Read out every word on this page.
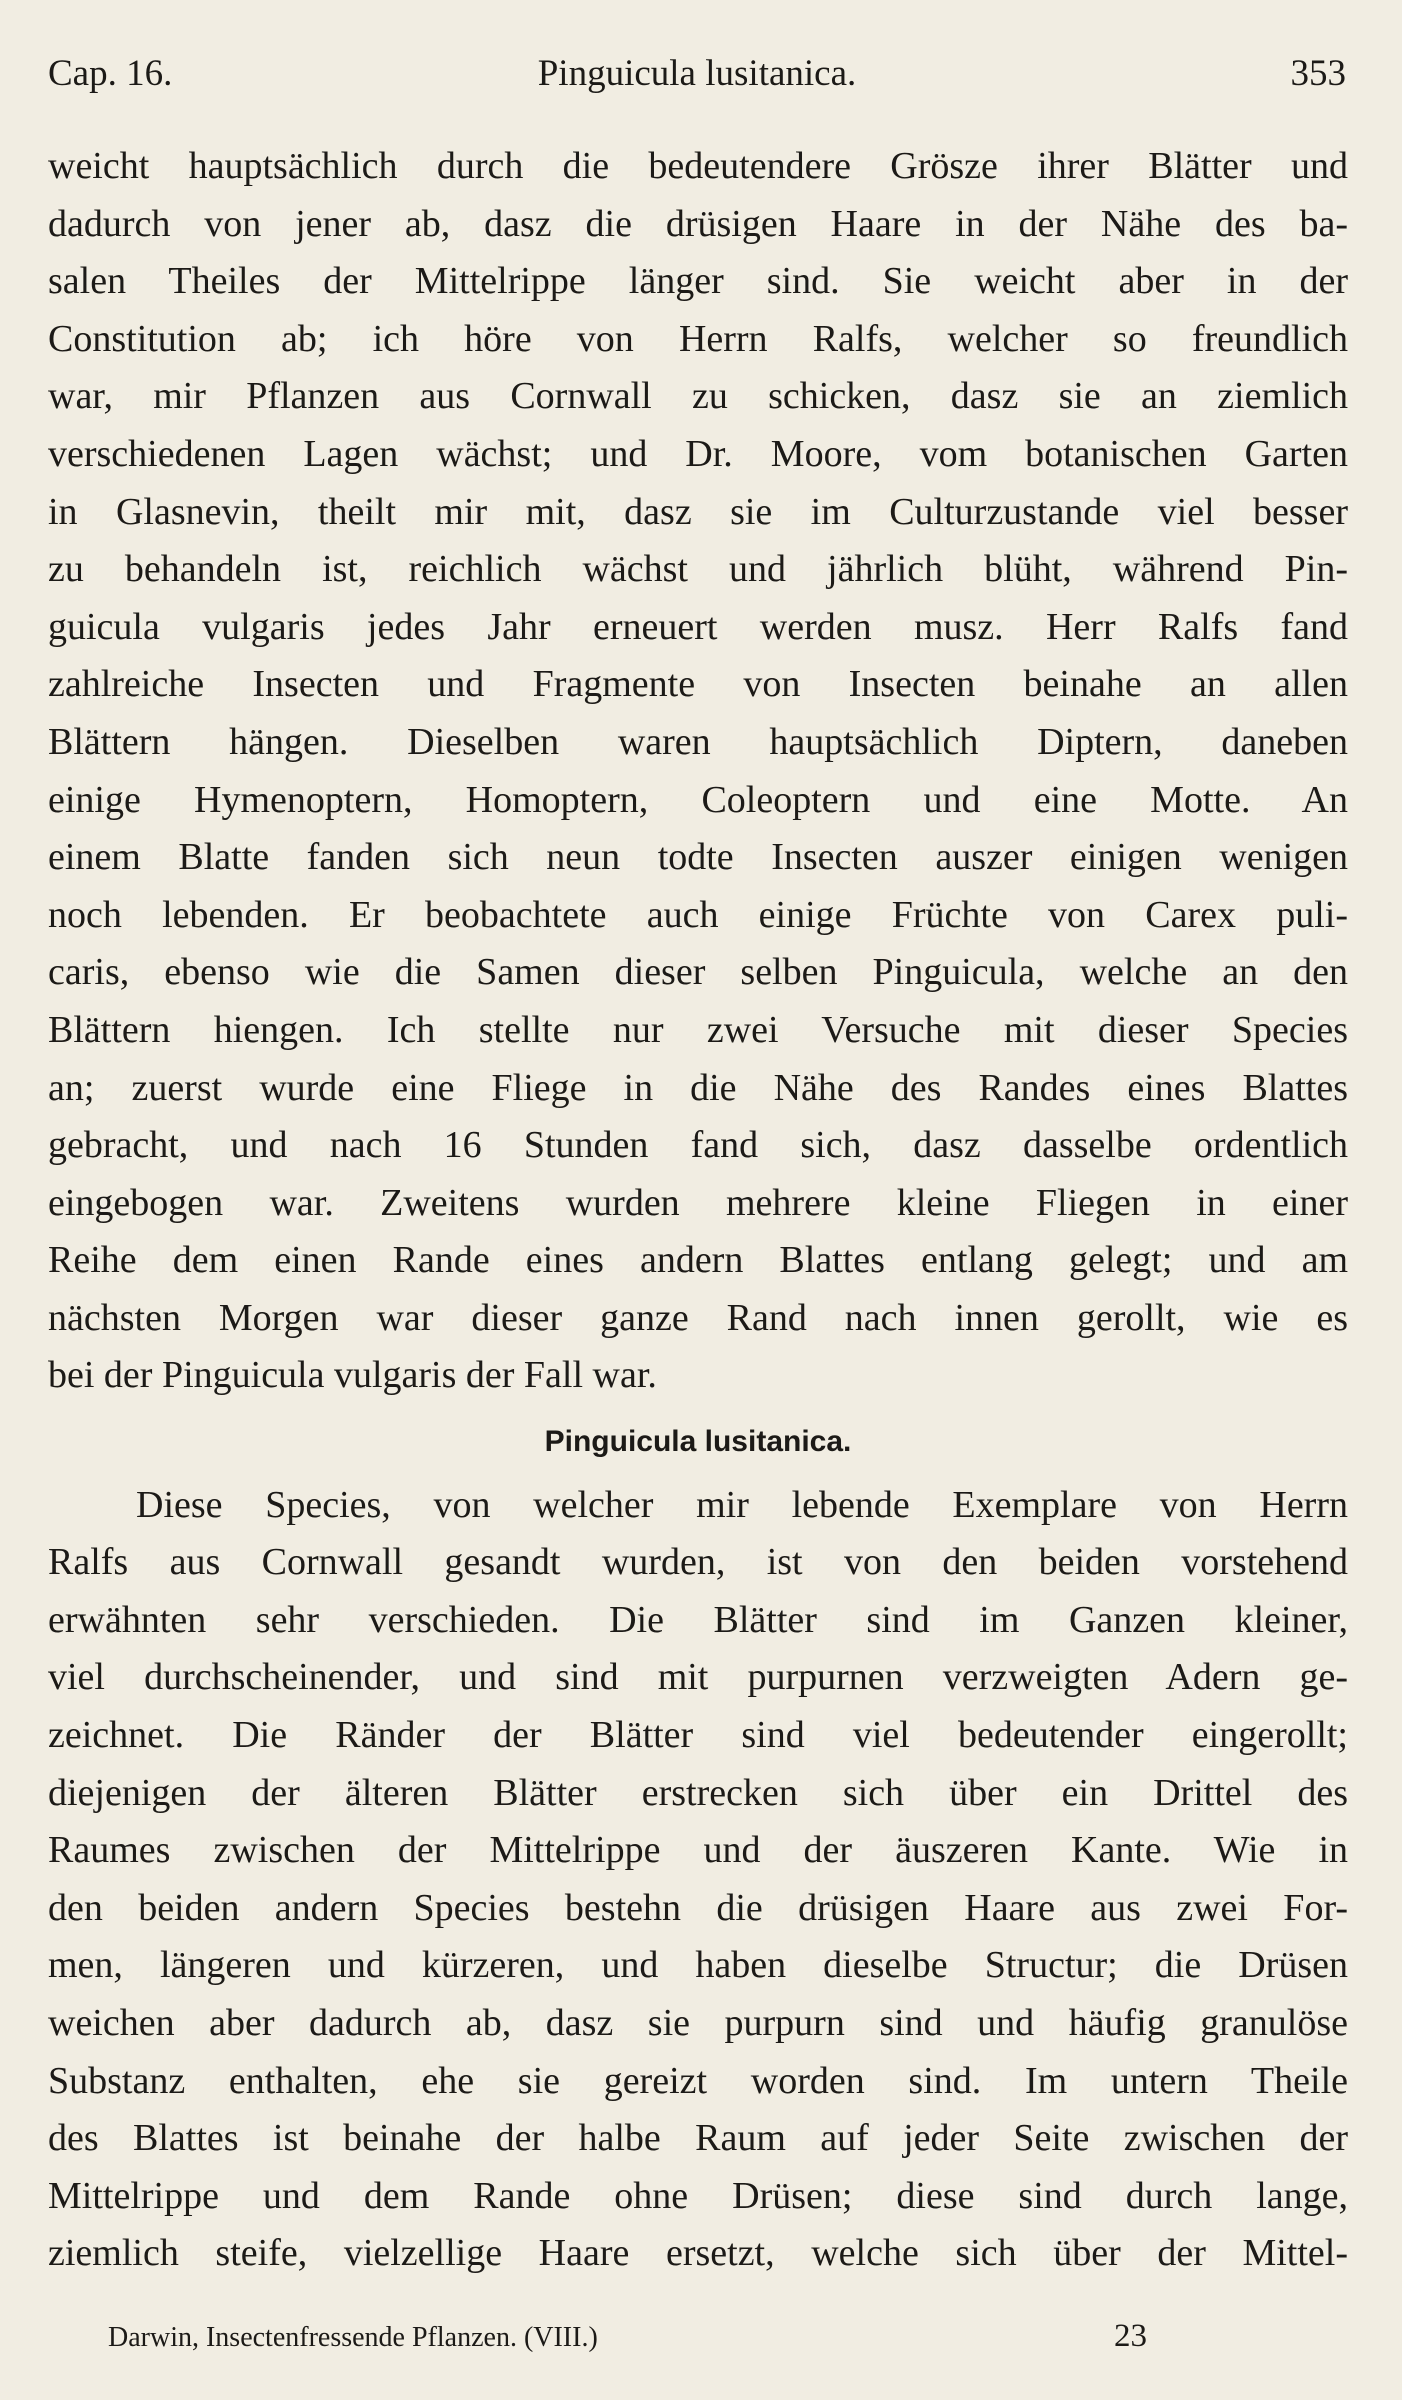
Cap. 16.	Pinguicula lusitanica.	353
weicht hauptsächlich durch die bedeutendere Grösze ihrer Blätter und
dadurch von jener ab, dasz die drüsigen Haare in der Nähe des ba-
salen Theiles der Mittelrippe länger sind. Sie weicht aber in der
Constitution ab; ich höre von Herrn Ralfs, welcher so freundlich
war, mir Pflanzen aus Cornwall zu schicken, dasz sie an ziemlich
verschiedenen Lagen wächst; und Dr. Moore, vom botanischen Garten
in Glasnevin, theilt mir mit, dasz sie im Culturzustande viel besser
zu behandeln ist, reichlich wächst und jährlich blüht, während Pin-
guicula vulgaris jedes Jahr erneuert werden musz. Herr Ralfs fand
zahlreiche Insecten und Fragmente von Insecten beinahe an allen
Blättern hängen. Dieselben waren hauptsächlich Diptern, daneben
einige Hymenoptern, Homoptern, Coleoptern und eine Motte. An
einem Blatte fanden sich neun todte Insecten auszer einigen wenigen
noch lebenden. Er beobachtete auch einige Früchte von Carex puli-
caris, ebenso wie die Samen dieser selben Pinguicula, welche an den
Blättern hiengen. Ich stellte nur zwei Versuche mit dieser Species
an; zuerst wurde eine Fliege in die Nähe des Randes eines Blattes
gebracht, und nach 16 Stunden fand sich, dasz dasselbe ordentlich
eingebogen war. Zweitens wurden mehrere kleine Fliegen in einer
Reihe dem einen Rande eines andern Blattes entlang gelegt; und am
nächsten Morgen war dieser ganze Rand nach innen gerollt, wie es
bei der Pinguicula vulgaris der Fall war.
Pinguicula lusitanica.
Diese Species, von welcher mir lebende Exemplare von Herrn
Ralfs aus Cornwall gesandt wurden, ist von den beiden vorstehend
erwähnten sehr verschieden. Die Blätter sind im Ganzen kleiner,
viel durchscheinender, und sind mit purpurnen verzweigten Adern ge-
zeichnet. Die Ränder der Blätter sind viel bedeutender eingerollt;
diejenigen der älteren Blätter erstrecken sich über ein Drittel des
Raumes zwischen der Mittelrippe und der äuszeren Kante. Wie in
den beiden andern Species bestehn die drüsigen Haare aus zwei For-
men, längeren und kürzeren, und haben dieselbe Structur; die Drüsen
weichen aber dadurch ab, dasz sie purpurn sind und häufig granulöse
Substanz enthalten, ehe sie gereizt worden sind. Im untern Theile
des Blattes ist beinahe der halbe Raum auf jeder Seite zwischen der
Mittelrippe und dem Rande ohne Drüsen; diese sind durch lange,
ziemlich steife, vielzellige Haare ersetzt, welche sich über der Mittel-
Darwin, Insectenfressende Pflanzen. (VIII.)	23
